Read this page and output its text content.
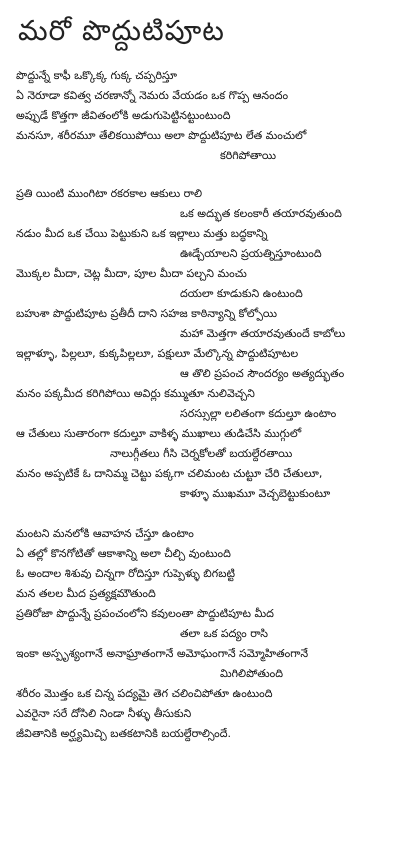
మరో పొద్దుటిపూట
పొద్దున్నే కాఫీ ఒక్కొక్క గుక్క చప్పరిస్తూ
ఏ నెరూడా కవిత్వ చరణాన్నో నెమరు వేయడం ఒక గొప్ప ఆనందం
అప్పుడే కొత్తగా జీవితంలోకి అడుగుపెట్టినట్టుంటుంది
మనసూ, శరీరమూ తేలికయిపోయి అలా పొద్దుటిపూట లేత మంచులో
కరిగిపోతాయి
ప్రతి యింటి ముంగిటా రకరకాల ఆకులు రాలి
ఒక అద్భుత కలంకారీ తయారవుతుంది
నడుం మీద ఒక చేయి పెట్టుకుని ఒక ఇల్లాలు మత్తు బద్ధకాన్ని
ఊడ్చేయాలని ప్రయత్నిస్తూంటుంది
మొక్కల మీదా, చెట్ల మీదా, పూల మీదా పల్చని మంచు
దయలా కూడుకుని ఉంటుంది
బహుశా పొద్దుటిపూట ప్రతీదీ దాని సహజ కాఠిన్యాన్ని కోల్పోయి
మహా మెత్తగా తయారవుతుందే కాబోలు
ఇల్లాళ్ళూ, పిల్లలూ, కుక్కపిల్లలూ, పక్షులూ మేల్కొన్న పొద్దుటిపూటల
ఆ తొలి ప్రపంచ సౌందర్యం అత్యద్భుతం
మనం పక్కమీద కరిగిపోయి అవిర్లు కమ్ముతూ నులివెచ్చని
సరస్సుల్లా లలితంగా కదుల్తూ ఉంటాం
ఆ చేతులు సుతారంగా కదుల్తూ వాకిళ్ళ ముఖాలు తుడిచేసి ముగ్గులో
నాలుగ్గీతలు గీసి చెర్నకోలతో బయల్దేరతాయి
మనం అప్పటికే ఓ దానిమ్మ చెట్టు పక్కగా చలిమంట చుట్టూ చేరి చేతులూ,
కాళ్ళూ ముఖమూ వెచ్చబెట్టుకుంటూ
మంటని మనలోకి ఆవాహన చేస్తూ ఉంటాం
ఏ తల్లో కొనగోటితో ఆకాశాన్ని అలా చీల్చి వుంటుంది
ఓ అందాల శిశువు చిన్నగా రోదిస్తూ గుప్పెళ్ళు బిగబట్టి
మన తలల మీద ప్రత్యక్షమౌతుంది
ప్రతిరోజా పొద్దున్నే ప్రపంచంలోని కవులంతా పొద్దుటిపూట మీద
తలా ఒక పద్యం రాసి
ఇంకా అస్పృశ్యంగానే అనాఘ్రాతంగానే అమోఘంగానే సమ్మోహితంగానే
మిగిలిపోతుంది
శరీరం మొత్తం ఒక చిన్న పద్యమై తెగ చలించిపోతూ ఉంటుంది
ఎవరైనా సరే దోసిలి నిండా నీళ్ళు తీసుకుని
జీవితానికి అర్ఘ్యమిచ్చి బతకటానికి బయల్దేరాల్సిందే.
